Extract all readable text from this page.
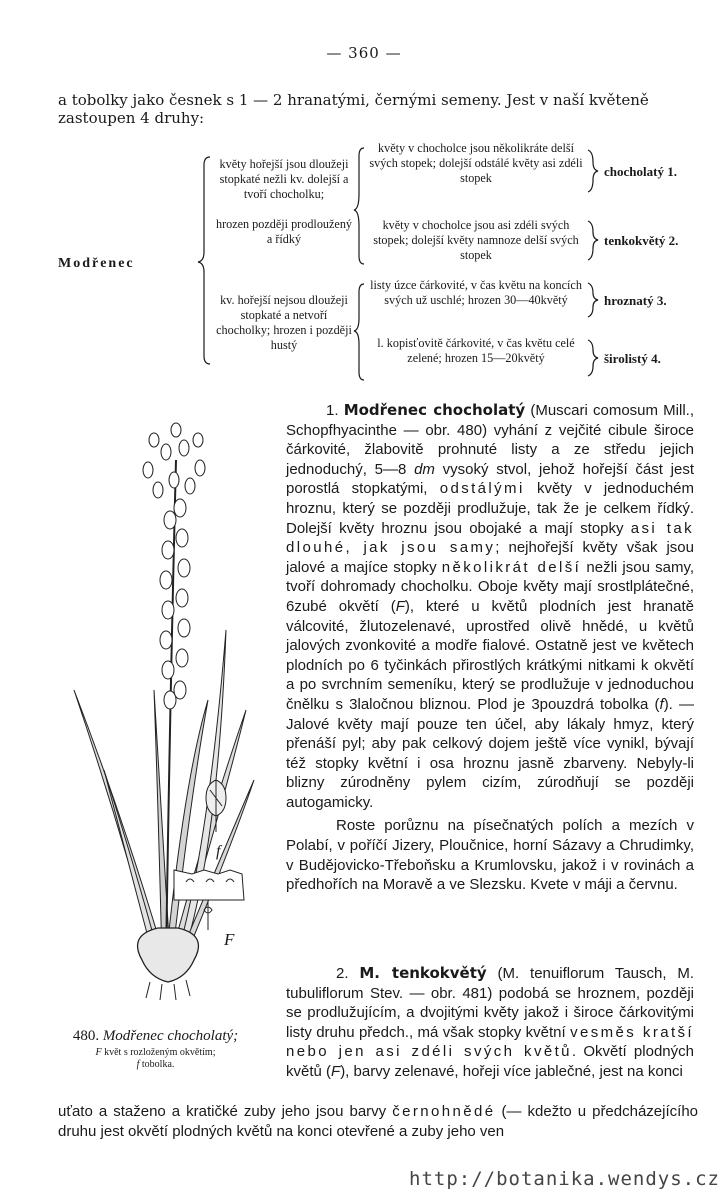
— 360 —
a tobolky jako česnek s 1 — 2 hranatými, černými semeny. Jest v naší květeně zastoupen 4 druhy:
Modřenec
květy hořejší jsou dloužeji stopkaté nežli kv. dolejší a tvoří chocholku;
hrozen později prodloužený a řídký
kv. hořejší nejsou dloužeji stopkaté a netvoří chocholky; hrozen i později hustý
květy v chocholce jsou několikráte delší svých stopek; dolejší odstálé květy asi zdéli stopek
květy v chocholce jsou asi zdéli svých stopek; dolejší květy namnoze delší svých stopek
listy úzce čárkovité, v čas květu na koncích svých už uschlé; hrozen 30—40květý
l. kopisťovitě čárkovité, v čas květu celé zelené; hrozen 15—20květý
chocholatý 1.
tenkokvětý 2.
hroznatý 3.
širolistý 4.

1. Modřenec chocholatý (Muscari comosum Mill., Schopfhyacinthe — obr. 480) vyhání z vejčité cibule široce čárkovité, žlabovitě prohnuté listy a ze středu jejich jednoduchý, 5—8 dm vysoký stvol, jehož hořejší část jest porostlá stopkatými, odstálými květy v jednoduchém hroznu, který se později prodlužuje, tak že je celkem řídký. Dolejší květy hroznu jsou obojaké a mají stopky asi tak dlouhé, jak jsou samy; nejhořejší květy však jsou jalové a majíce stopky několikrát delší nežli jsou samy, tvoří dohromady chocholku. Oboje květy mají srostlplátečné, 6zubé okvětí (F), které u květů plodních jest hranatě válcovité, žlutozelenavé, uprostřed olivě hnědé, u květů jalových zvonkovité a modře fialové. Ostatně jest ve květech plodních po 6 tyčinkách přirostlých krátkými nitkami k okvětí a po svrchním semeníku, který se prodlužuje v jednoduchou čnělku s 3laločnou bliznou. Plod je 3pouzdrá tobolka (f). — Jalové květy mají pouze ten účel, aby lákaly hmyz, který přenáší pyl; aby pak celkový dojem ještě více vynikl, bývají též stopky květní i osa hroznu jasně zbarveny. Nebyly-li blizny zúrodněny pylem cizím, zúrodňují se později autogamicky.

Roste porůznu na písečnatých polích a mezích v Polabí, v poříčí Jizery, Ploučnice, horní Sázavy a Chrudimky, v Budějovicko-Třeboňsku a Krumlovsku, jakož i v rovinách a předhořích na Moravě a ve Slezsku. Kvete v máji a červnu.

2. M. tenkokvětý (M. tenuiflorum Tausch, M. tubuliflorum Stev. — obr. 481) podobá se hroznem, později se prodlužujícím, a dvojitými květy jakož i široce čárkovitými listy druhu předch., má však stopky květní vesměs kratší nebo jen asi zdéli svých květů. Okvětí plodných květů (F), barvy zelenavé, hořeji více jablečné, jest na konci

uťato a staženo a kratičké zuby jeho jsou barvy černohnědé (— kdežto u předcházejícího druhu jest okvětí plodných květů na konci otevřené a zuby jeho ven

f
F
480. Modřenec chocholatý;
F květ s rozloženým okvětím;
f tobolka.
http://botanika.wendys.cz
